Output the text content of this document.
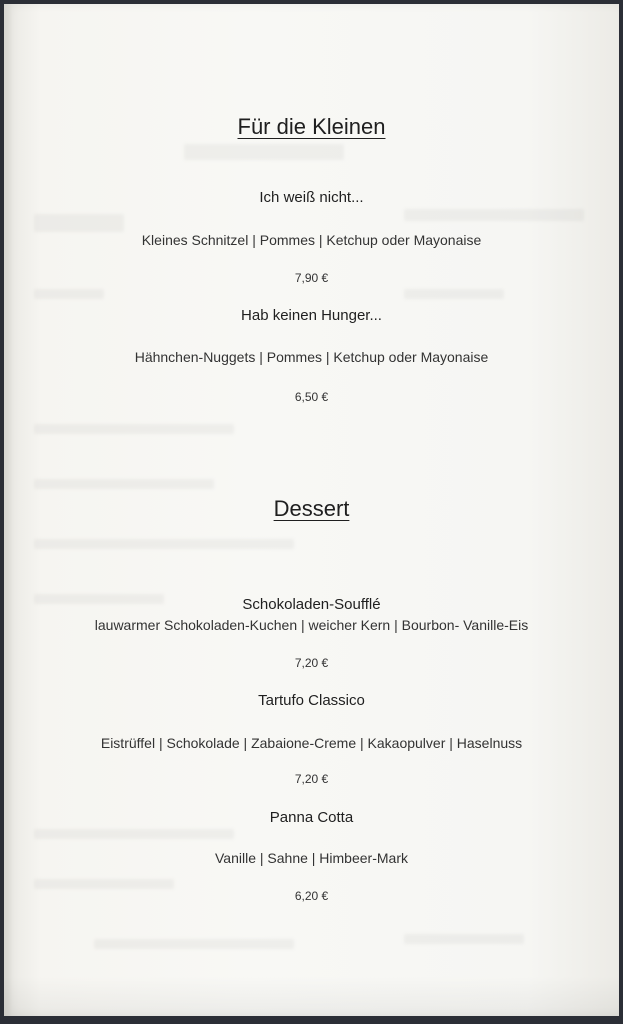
Für die Kleinen
Ich weiß nicht...
Kleines Schnitzel | Pommes | Ketchup oder Mayonaise
7,90 €
Hab keinen Hunger...
Hähnchen-Nuggets | Pommes | Ketchup oder Mayonaise
6,50 €
Dessert
Schokoladen-Soufflé
lauwarmer Schokoladen-Kuchen | weicher Kern | Bourbon- Vanille-Eis
7,20 €
Tartufo Classico
Eistrüffel | Schokolade | Zabaione-Creme | Kakaopulver | Haselnuss
7,20 €
Panna Cotta
Vanille | Sahne | Himbeer-Mark
6,20 €
